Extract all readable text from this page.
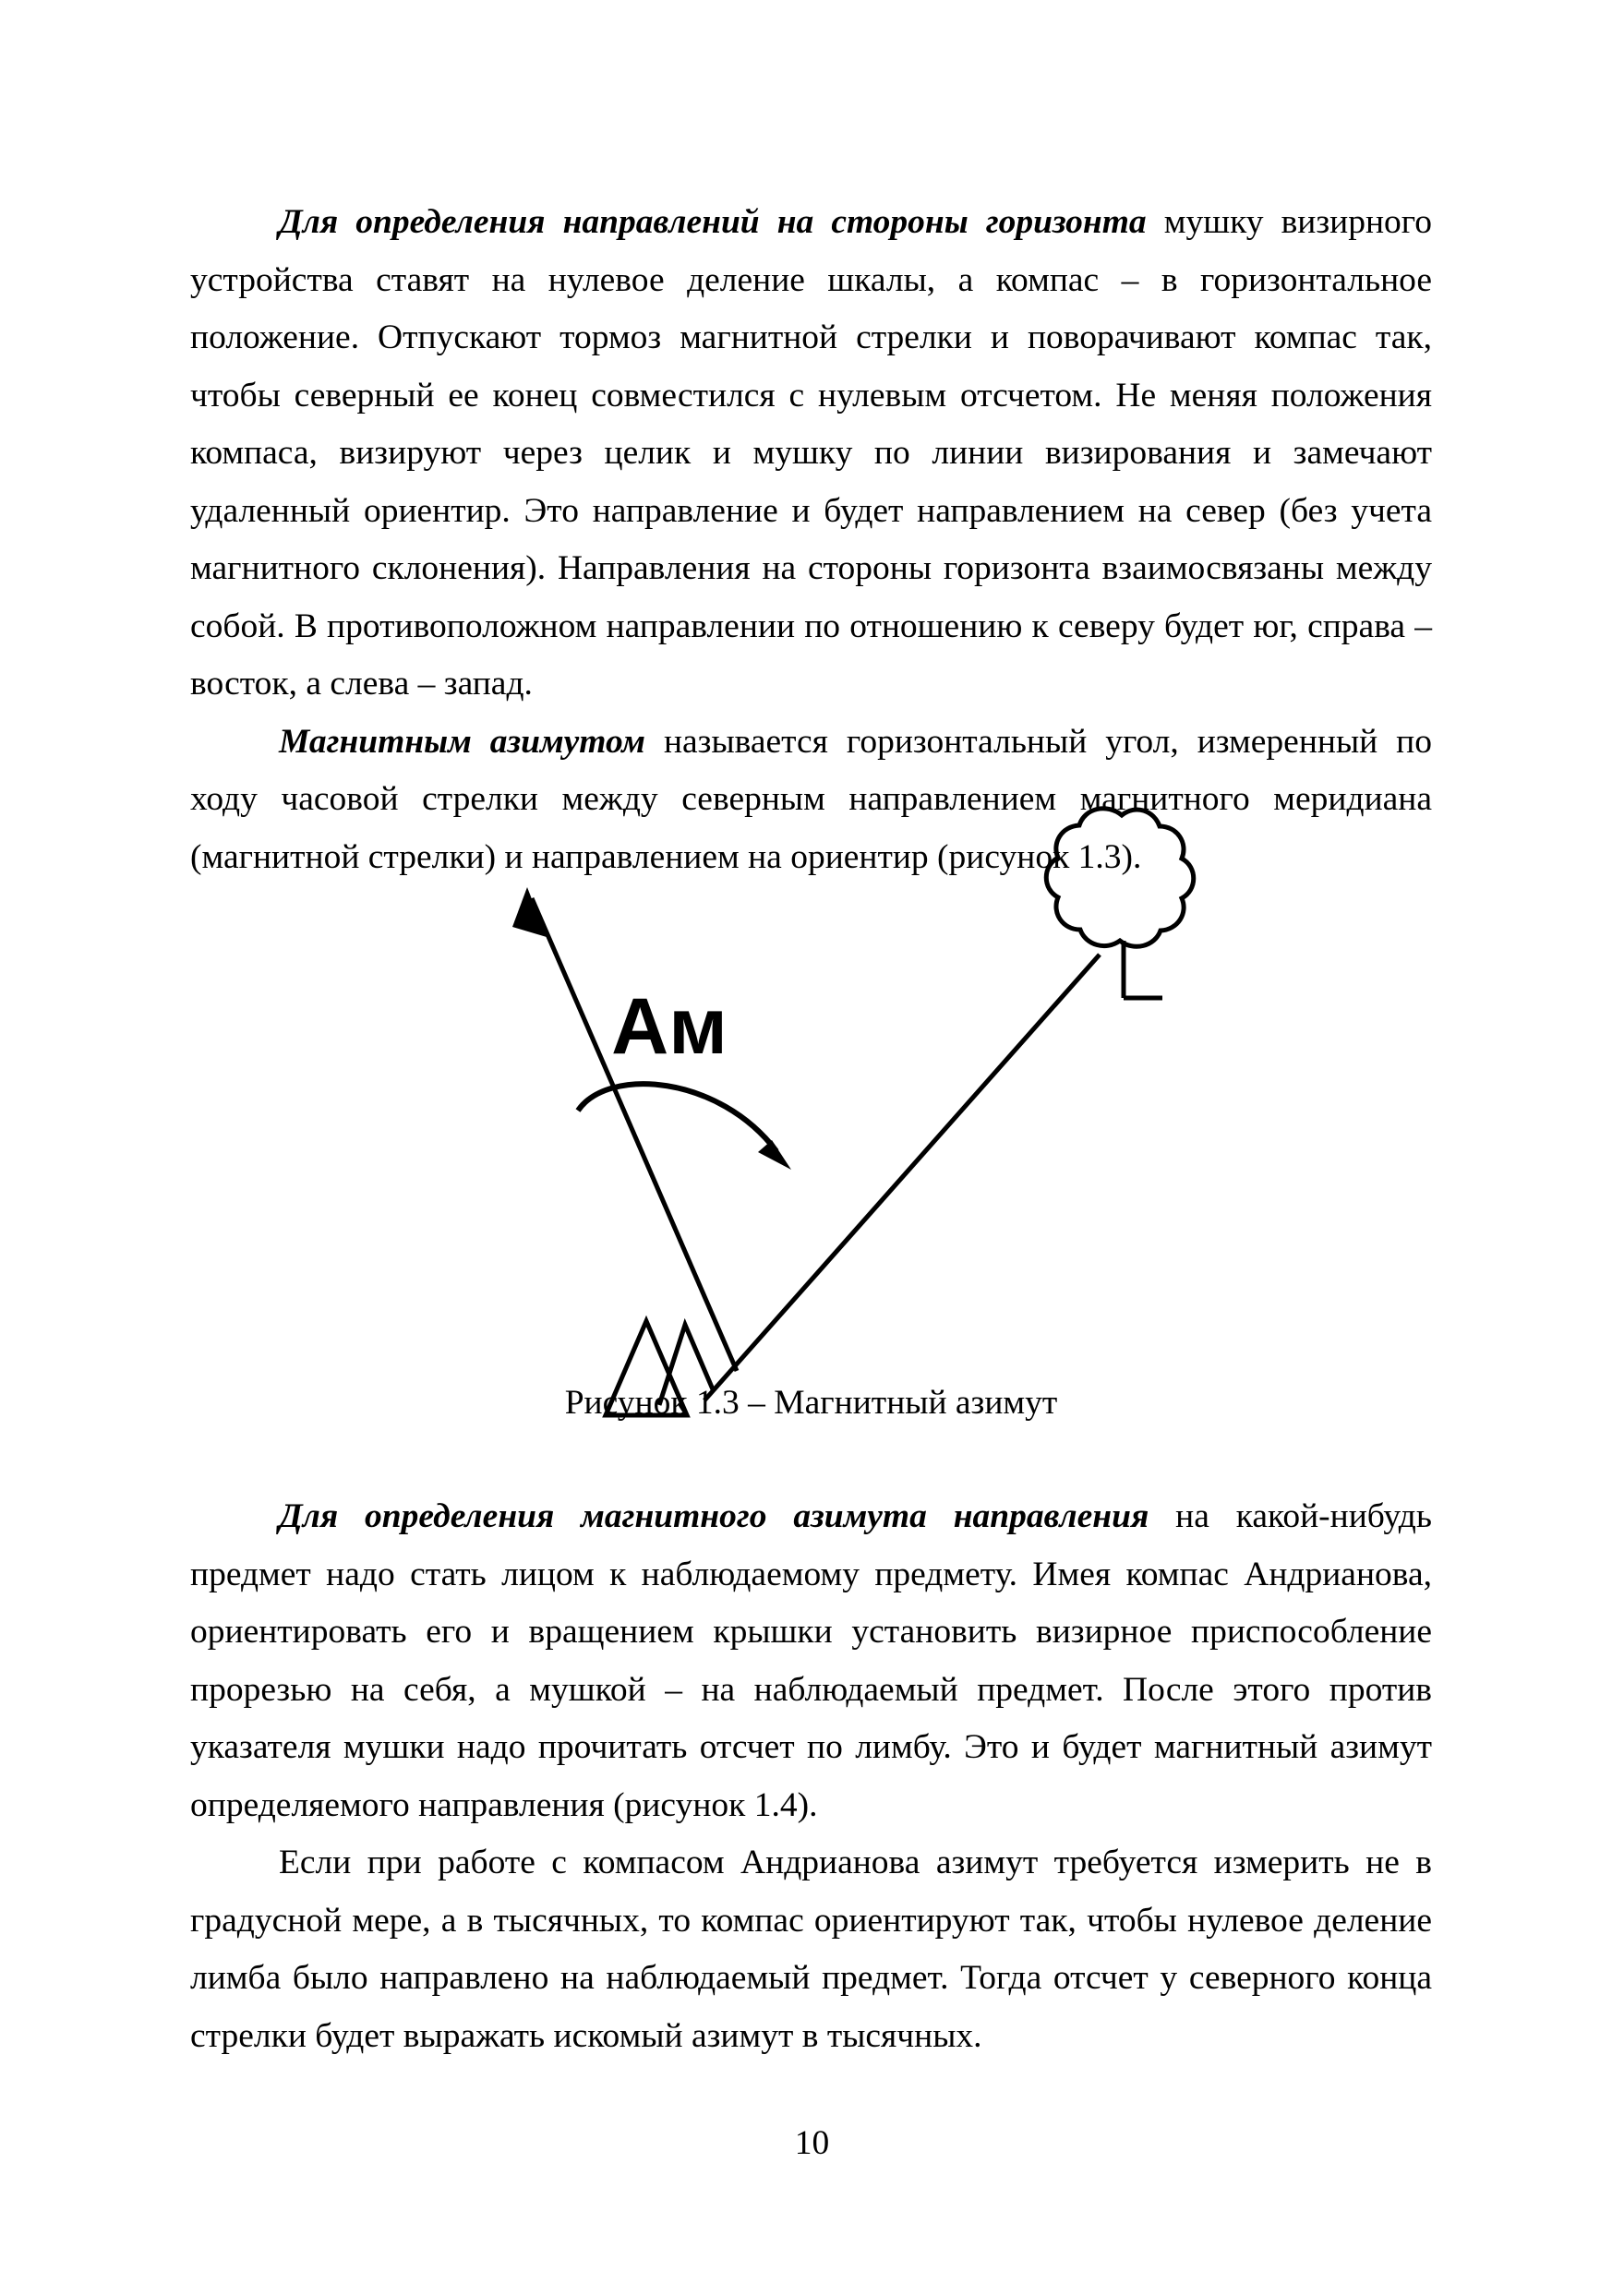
Для определения направлений на стороны горизонта мушку визирного устройства ставят на нулевое деление шкалы, а компас – в горизонтальное положение. Отпускают тормоз магнитной стрелки и поворачивают компас так, чтобы северный ее конец совместился с нулевым отсчетом. Не меняя положения компаса, визируют через целик и мушку по линии визирования и замечают удаленный ориентир. Это направление и будет направлением на север (без учета магнитного склонения). Направления на стороны горизонта взаимосвязаны между собой. В противоположном направлении по отношению к северу будет юг, справа – восток, а слева – запад.

Магнитным азимутом называется горизонтальный угол, измеренный по ходу часовой стрелки между северным направлением магнитного меридиана (магнитной стрелки) и направлением на ориентир (рисунок 1.3).

Ам
Рисунок 1.3 – Магнитный азимут

Для определения магнитного азимута направления на какой-нибудь предмет надо стать лицом к наблюдаемому предмету. Имея компас Андрианова, ориентировать его и вращением крышки установить визирное приспособление прорезью на себя, а мушкой – на наблюдаемый предмет. После этого против указателя мушки надо прочитать отсчет по лимбу. Это и будет магнитный азимут определяемого направления (рисунок 1.4).

Если при работе с компасом Андрианова азимут требуется измерить не в градусной мере, а в тысячных, то компас ориентируют так, чтобы нулевое деление лимба было направлено на наблюдаемый предмет. Тогда отсчет у северного конца стрелки будет выражать искомый азимут в тысячных.

10
